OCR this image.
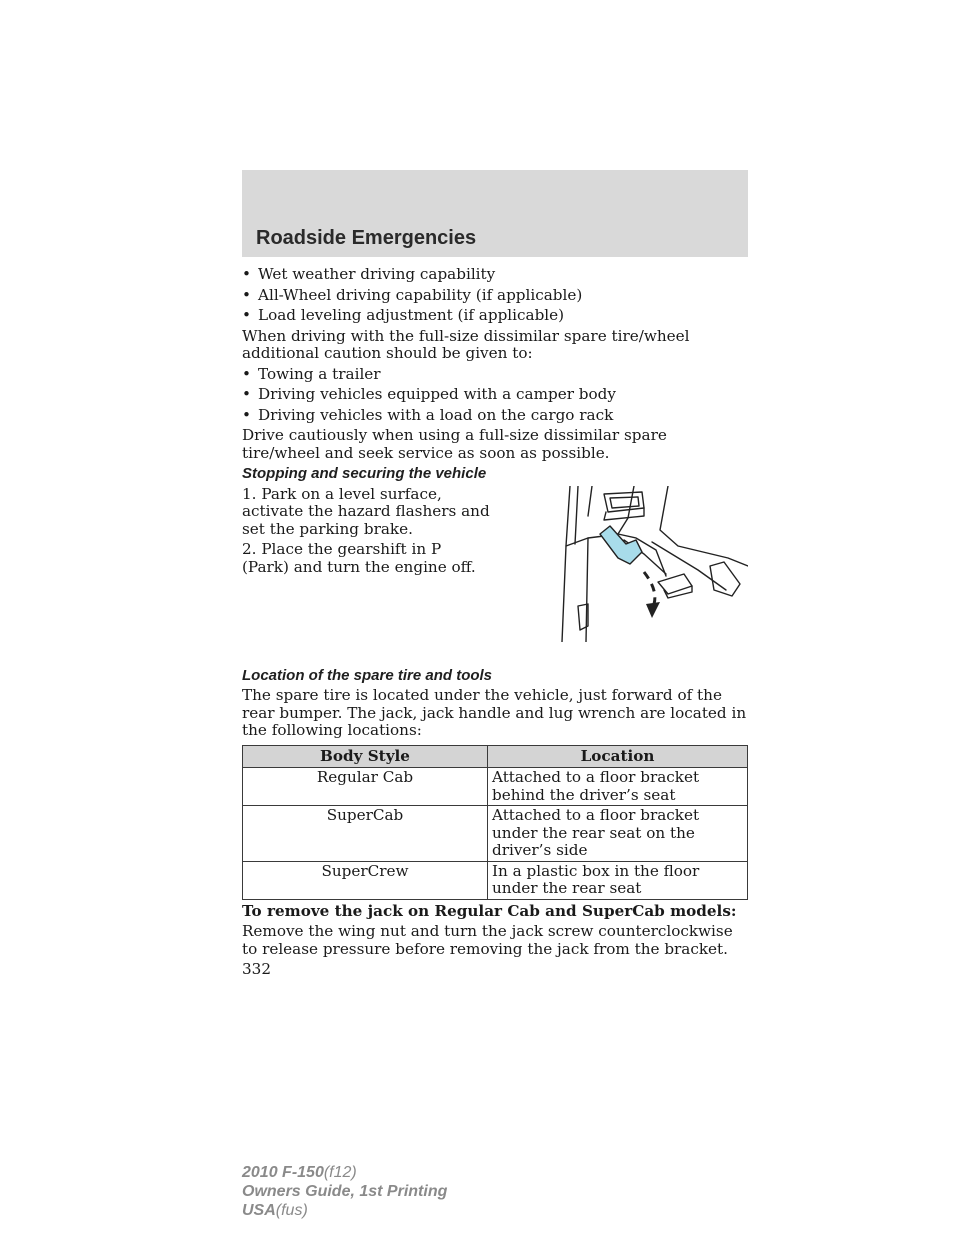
Roadside Emergencies
• Wet weather driving capability
• All-Wheel driving capability (if applicable)
• Load leveling adjustment (if applicable)

When driving with the full-size dissimilar spare tire/wheel additional caution should be given to:

• Towing a trailer
• Driving vehicles equipped with a camper body
• Driving vehicles with a load on the cargo rack

Drive cautiously when using a full-size dissimilar spare tire/wheel and seek service as soon as possible.

Stopping and securing the vehicle

1. Park on a level surface, activate the hazard flashers and set the parking brake.

2. Place the gearshift in P (Park) and turn the engine off.

Location of the spare tire and tools

The spare tire is located under the vehicle, just forward of the rear bumper. The jack, jack handle and lug wrench are located in the following locations:

Body Style	Location
Regular Cab	Attached to a floor bracket behind the driver’s seat
SuperCab	Attached to a floor bracket under the rear seat on the driver’s side
SuperCrew	In a plastic box in the floor under the rear seat

To remove the jack on Regular Cab and SuperCab models:

Remove the wing nut and turn the jack screw counterclockwise to release pressure before removing the jack from the bracket.

332

2010 F-150(f12)
Owners Guide, 1st Printing
USA(fus)
